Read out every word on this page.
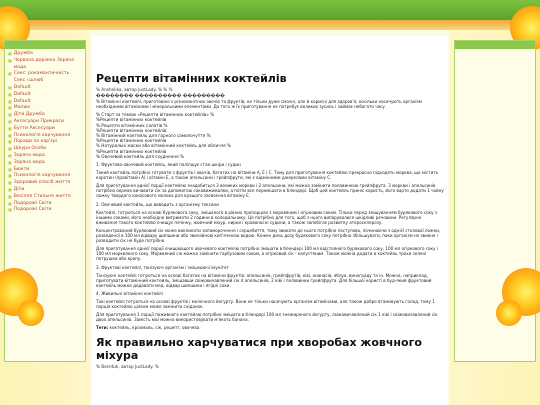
■ Дружба
■ Червона доріжка Зоряна мода
■ Секс: рокамантичність Секс і шлюб
■ Default
■ Default
■ Default
■ Малюк
■ Діти Дружба
■ Аксесуари Прикраси
■ Бутти Аксесуари
■ Психологія харчування
■ Поради по кар'єрі
■ Шкура Особи
■ Зоряна мода
■ Зоряна мода
■ Бюкти
■ Психологія харчування
■ Здоровий спосіб життя
■ Діти
■ Весілля Стильне життя
■ Подорожі Світи
■ Подорожі Світи
Рецепти вітамінних коктейлів

% Anshelika, автор JustLady. % % %

�������� ���������� ���������

% Вітамінні коктейлі, приготовані з різноманітних овочів та фруктів, не тільки дуже смачні, але й корисні для здоров'я, оскільки насичують організм необхідними вітамінами і мінеральними елементами. До того ж їх приготування не потребує великих зусиль і займає небагато часу.

% Старт за темою «Рецепти вітамінних коктейлів» %

%Рецепти вітамінних коктейлів

% Рецепти вітамінних салатів %

%Рецепти вітамінних коктейлів

% Вітамінний коктейль для гарного самопочуття %

%Рецепти вітамінних коктейлів

% Натуральні маски або вітамінний коктейль для обличчя %

%Рецепти вітамінних коктейлів

% Овочевий коктейль для схуднення %

1. Фруктово-овочевий коктейль, який поліпшує стан шкіри і судин

Такий коктейль потрібно готувати з фруктів і овочів, багатих на вітаміни А, Е і С. Тому для приготування коктейлю прекрасно підходять морква, що містить каротин (провітамін А) і вітамін Е, а також апельсини і грейпфрути, які є відмінними джерелами вітаміну С.

Для приготування однієї порції коктейлю знадобиться 3 великих моркви і 2 апельсини, які можна замінити половинкою грейпфрута. З моркви і апельсинів потрібно окремо вичавити сік за допомогою соковижималки, а потім все перемішати в блендері. Щоб цей коктейль приніс користь, його варто додати 1 чайну ложку твердого кокосового молока для кращого засвоєння вітаміну Е.

2. Овочевий коктейль, що виводить з організму токсини

Коктейлі, готуються на основі бурякового соку, змішаного в рівних пропорціях з морквяним і огірковим соком. Тільки перед змішуванням бурякового соку з іншими соками, його необхідно витримати 2 години в холодильнику. Це потрібно для того, щоб з нього випарувалися шкідливі речовини. Регулярне вживання такого коктейлю очищує печінку, жовчний міхур, нирки і кровоносні судини, а також запобігає розвитку атеросклерозу.

Концентрований буряковий сік може викликати запаморочення і серцебиття, тому звикати до нього потрібно поступово, починаючи з однієї столової ложки, розведеної в 100 мл відвару шипшини або звичайною кип'яченою водою. Кожен день дозу бурякового соку потрібно збільшувати, поки організм не звикне і розводити сік не буде потрібно.

Для приготування однієї порції очищающого овочевого коктейлю потрібно змішати в блендері 100 мл відстояного бурякового соку, 100 мл огіркового соку і 100 мл морквяного соку. Морквяний сік можна замінити гарбузовим соком, а огірковий сік - капустяним. Також можна додати в коктейль трохи зелені петрушки або кропу.

3. Фруктові коктейлі, тонізуючі організм і зміцнюючі імунітет

Тонізуючі коктейлі готуються на основі багатих на вітаміни фруктів: апельсинів, грейпфрутів, ківі, ананасів, яблук, винограду та ін. Можна, наприклад, приготувати вітамінний коктейль, змішавши свіжовичавлений сік 4 апельсинів, 2 ківі і половинки грейпфрута. Для більшої користі в буд-який фруктовий коктейль можна додавати мед, відвар шипшини і ягідні соки.

4. Живильні вітамінні коктейлі

Такі коктейлі готуються на основі фруктів і молочного йогурту. Вони не тільки насичують організм вітамінами, але також добре втамовують голод, тому 1 порція коктейлю цілком може замінити сніданок.

Для приготування 1 порції поживного коктейлю потрібно змішати в блендері 100 мл знежиреного йогурту, свіжовичавлений сік 1 ківі і свіжовичавлений сік двох апельсинів. Замість ківі можна використовувати м'якоть банана.

Теги: коктейль, крохмаль, сік, рецепт, овочева

Як правильно харчуватися при хворобах жовчного міхура

% Вsentuk, автор JustLady. %
